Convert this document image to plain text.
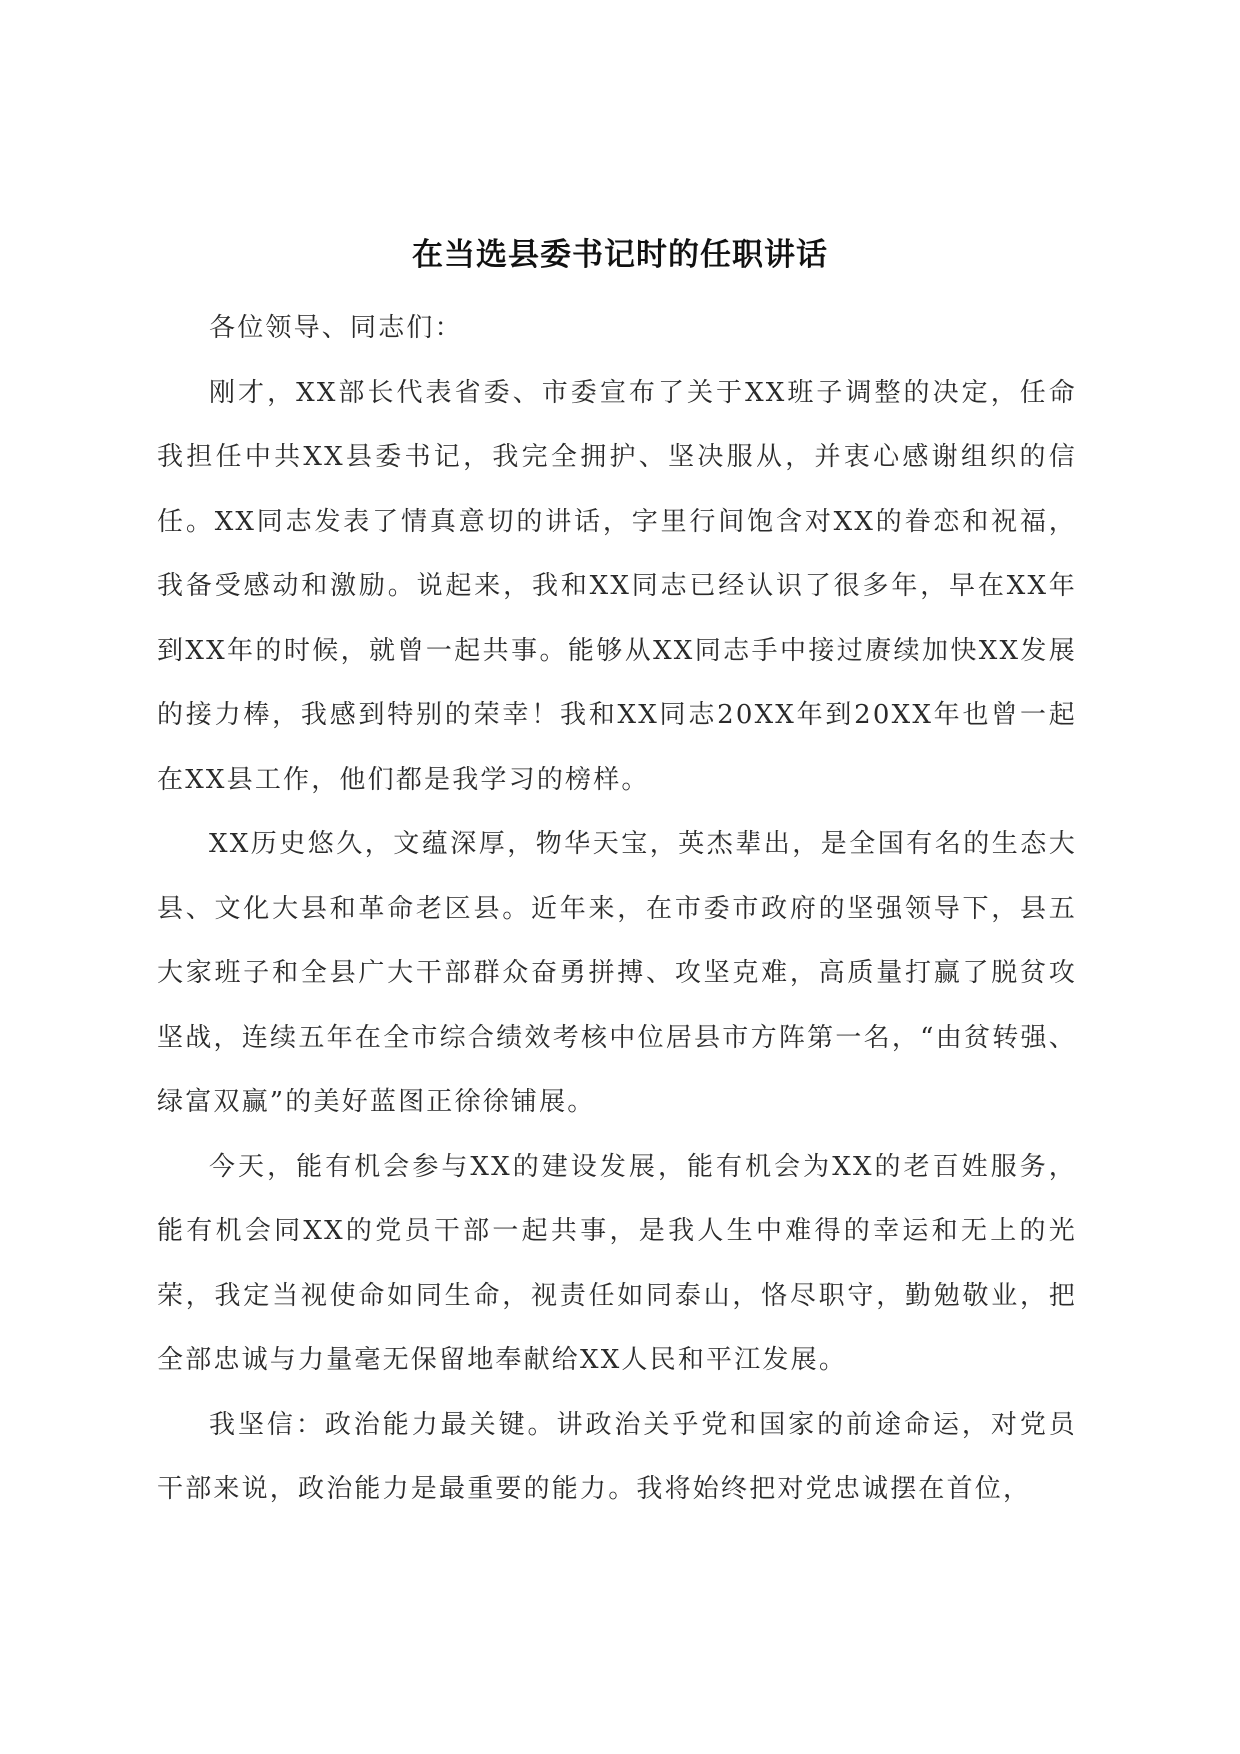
在当选县委书记时的任职讲话

各位领导、同志们：

刚才，XX部长代表省委、市委宣布了关于XX班子调整的决定，任命我担任中共XX县委书记，我完全拥护、坚决服从，并衷心感谢组织的信任。XX同志发表了情真意切的讲话，字里行间饱含对XX的眷恋和祝福，我备受感动和激励。说起来，我和XX同志已经认识了很多年，早在XX年到XX年的时候，就曾一起共事。能够从XX同志手中接过赓续加快XX发展的接力棒，我感到特别的荣幸！我和XX同志20XX年到20XX年也曾一起在XX县工作，他们都是我学习的榜样。

XX历史悠久，文蕴深厚，物华天宝，英杰辈出，是全国有名的生态大县、文化大县和革命老区县。近年来，在市委市政府的坚强领导下，县五大家班子和全县广大干部群众奋勇拼搏、攻坚克难，高质量打赢了脱贫攻坚战，连续五年在全市综合绩效考核中位居县市方阵第一名，“由贫转强、绿富双赢”的美好蓝图正徐徐铺展。

今天，能有机会参与XX的建设发展，能有机会为XX的老百姓服务，能有机会同XX的党员干部一起共事，是我人生中难得的幸运和无上的光荣，我定当视使命如同生命，视责任如同泰山，恪尽职守，勤勉敬业，把全部忠诚与力量毫无保留地奉献给XX人民和平江发展。

我坚信：政治能力最关键。讲政治关乎党和国家的前途命运，对党员干部来说，政治能力是最重要的能力。我将始终把对党忠诚摆在首位，
